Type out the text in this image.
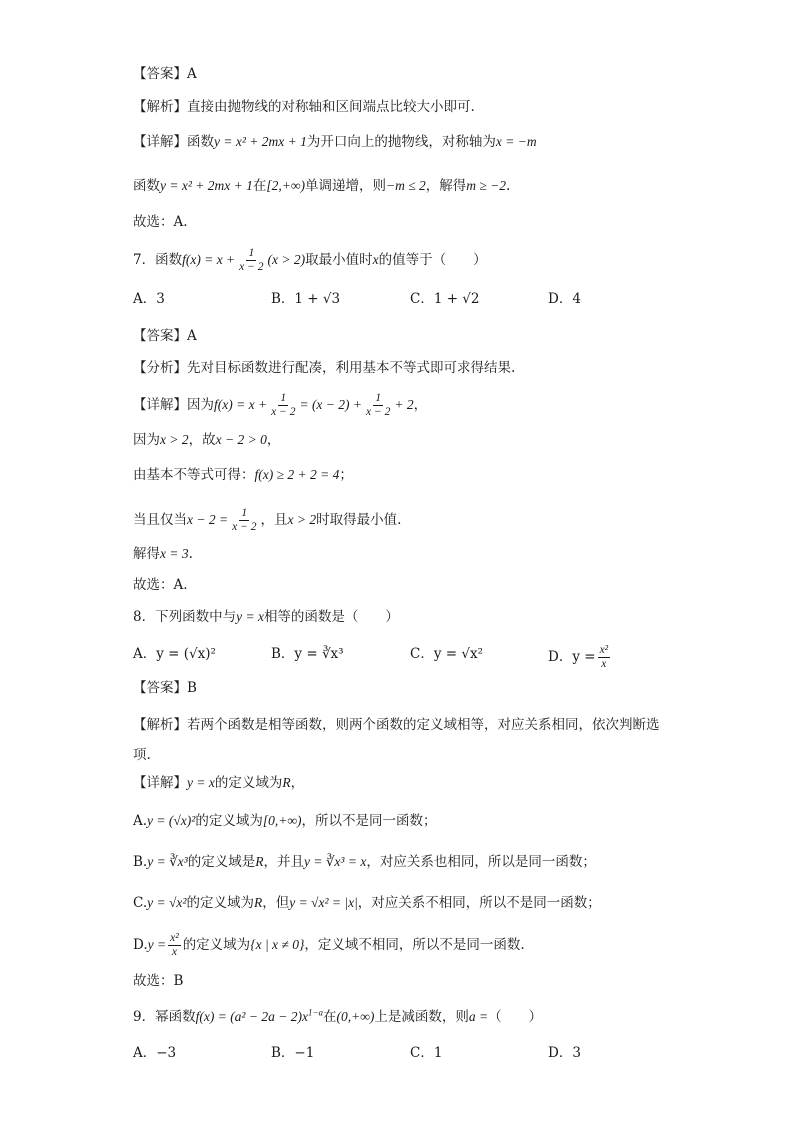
【答案】A
【解析】直接由抛物线的对称轴和区间端点比较大小即可.
【详解】函数y = x² + 2mx + 1为开口向上的抛物线，对称轴为x = −m
函数y = x² + 2mx + 1在[2,+∞)单调递增，则−m ≤ 2，解得m ≥ −2.
故选：A.
7．函数$f(x) = x + \frac{1}{x - 2} (x > 2)$取最小值时x的值等于（　　）
A．3	B．1 + √3	C．1 + √2	D．4
【答案】A
【分析】先对目标函数进行配凑，利用基本不等式即可求得结果.
【详解】因为$f(x) = x + \frac{1}{x - 2} = (x - 2) + \frac{1}{x - 2} + 2$，
因为x > 2，故x − 2 > 0，
由基本不等式可得：f(x) ≥ 2 + 2 = 4；
当且仅当$x - 2 = \frac{1}{x - 2}$ ，且x > 2时取得最小值.
解得x = 3.
故选：A.
8．下列函数中与y = x相等的函数是（　　）
A．y = (√x)²	B．y = ∛x³	C．y = √x²	D．$y = \frac{\text{x²}}{x}$
【答案】B
【解析】若两个函数是相等函数，则两个函数的定义域相等，对应关系相同，依次判断选项.
【详解】y = x的定义域为R，
A.y = (√x)²的定义域为[0,+∞)，所以不是同一函数；
B.y = ∛x³的定义域是R，并且y = ∛x³ = x，对应关系也相同，所以是同一函数；
C.y = √x²的定义域为R，但y = √x² = |x|，对应关系不相同，所以不是同一函数；
$D.y = \frac{\text{x²}}{x}$ 的定义域为{x | x ≠ 0}，定义域不相同，所以不是同一函数.
故选：B
9．幂函数$f(x) = (a^2 - 2a - 2)x^{1-a}$在(0,+∞)上是减函数，则a =（　　）
A．−3	B．−1	C．1	D．3
